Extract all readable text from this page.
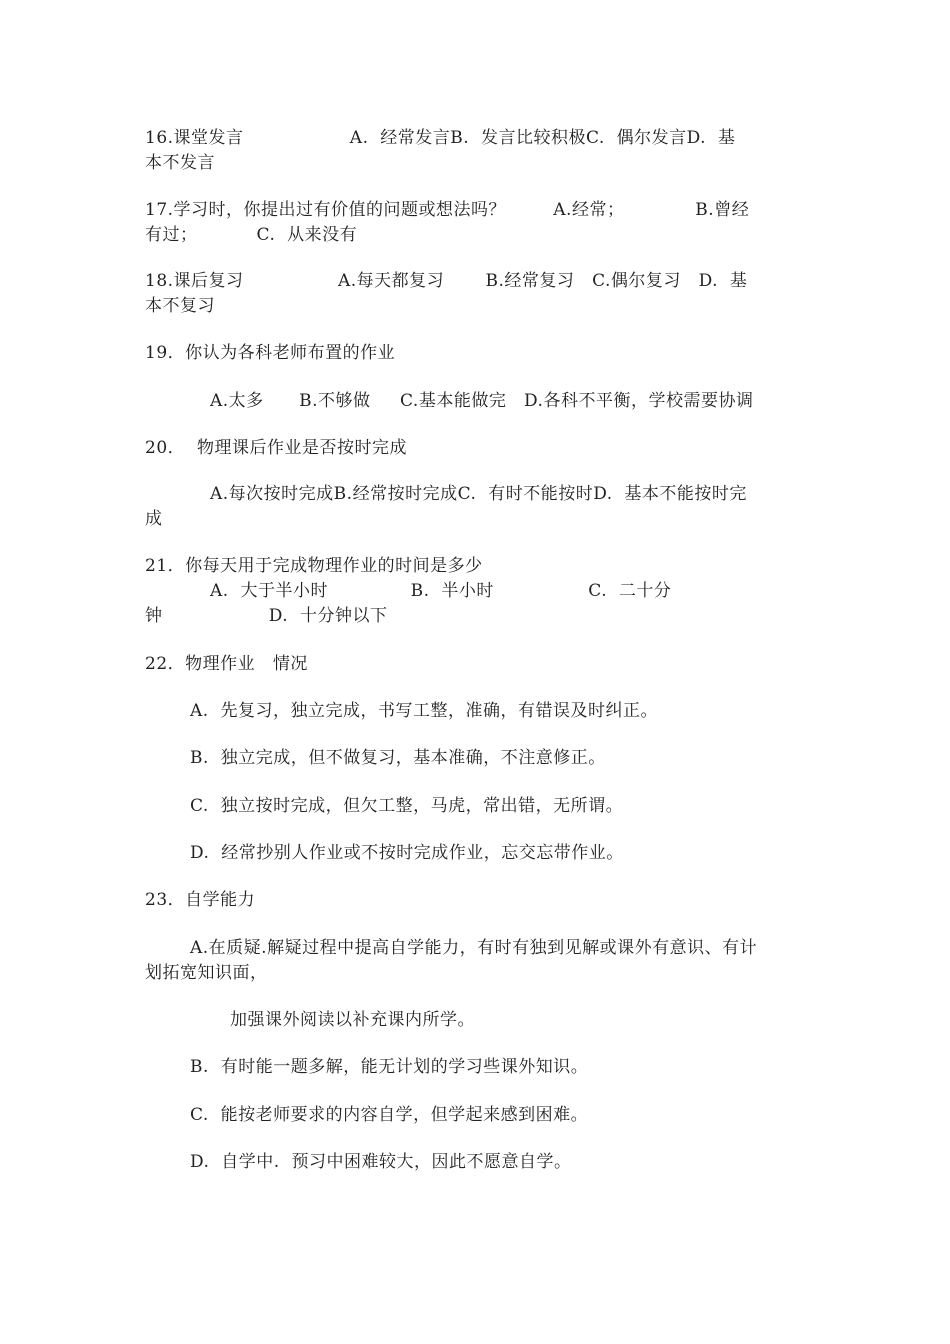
16.课堂发言                  A.  经常发言B.  发言比较积极C.  偶尔发言D.  基
本不发言
17.学习时，你提出过有价值的问题或想法吗？        A.经常；            B.曾经
有过；          C.  从来没有
18.课后复习                A.每天都复习       B.经常复习   C.偶尔复习   D.  基
本不复习
19．你认为各科老师布置的作业
A.太多      B.不够做     C.基本能做完   D.各科不平衡，学校需要协调
20．  物理课后作业是否按时完成
A.每次按时完成B.经常按时完成C.  有时不能按时D.  基本不能按时完
成
21．你每天用于完成物理作业的时间是多少
A.  大于半小时              B.  半小时                C.  二十分
钟                  D.  十分钟以下
22．物理作业   情况
A.  先复习，独立完成，书写工整，准确，有错误及时纠正。
B.  独立完成，但不做复习，基本准确，不注意修正。
C.  独立按时完成，但欠工整，马虎，常出错，无所谓。
D.  经常抄别人作业或不按时完成作业，忘交忘带作业。
23．自学能力
A.在质疑.解疑过程中提高自学能力，有时有独到见解或课外有意识、有计
划拓宽知识面，
加强课外阅读以补充课内所学。
B.  有时能一题多解，能无计划的学习些课外知识。
C.  能按老师要求的内容自学，但学起来感到困难。
D.  自学中.  预习中困难较大，因此不愿意自学。
